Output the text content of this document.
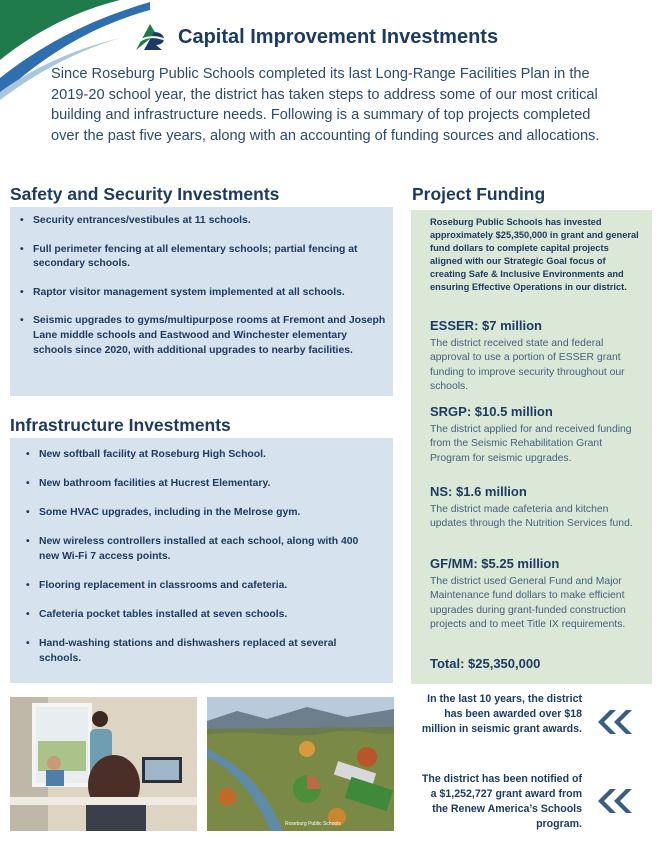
Capital Improvement Investments

Since Roseburg Public Schools completed its last Long-Range Facilities Plan in the 2019-20 school year, the district has taken steps to address some of our most critical building and infrastructure needs. Following is a summary of top projects completed over the past five years, along with an accounting of funding sources and allocations.

Safety and Security Investments
• Security entrances/vestibules at 11 schools.
• Full perimeter fencing at all elementary schools; partial fencing at secondary schools.
• Raptor visitor management system implemented at all schools.
• Seismic upgrades to gyms/multipurpose rooms at Fremont and Joseph Lane middle schools and Eastwood and Winchester elementary schools since 2020, with additional upgrades to nearby facilities.
Infrastructure Investments
• New softball facility at Roseburg High School.
• New bathroom facilities at Hucrest Elementary.
• Some HVAC upgrades, including in the Melrose gym.
• New wireless controllers installed at each school, along with 400 new Wi-Fi 7 access points.
• Flooring replacement in classrooms and cafeteria.
• Cafeteria pocket tables installed at seven schools.
• Hand-washing stations and dishwashers replaced at several schools.
Project Funding
Roseburg Public Schools has invested approximately $25,350,000 in grant and general fund dollars to complete capital projects aligned with our Strategic Goal focus of creating Safe & Inclusive Environments and ensuring Effective Operations in our district.
ESSER: $7 million
The district received state and federal approval to use a portion of ESSER grant funding to improve security throughout our schools.
SRGP: $10.5 million
The district applied for and received funding from the Seismic Rehabilitation Grant Program for seismic upgrades.
NS: $1.6 million
The district made cafeteria and kitchen updates through the Nutrition Services fund.
GF/MM: $5.25 million
The district used General Fund and Major Maintenance fund dollars to make efficient upgrades during grant-funded construction projects and to meet Title IX requirements.
Total: $25,350,000
Roseburg Public Schools
In the last 10 years, the district has been awarded over $18 million in seismic grant awards.
The district has been notified of a $1,252,727 grant award from the Renew America’s Schools program.
